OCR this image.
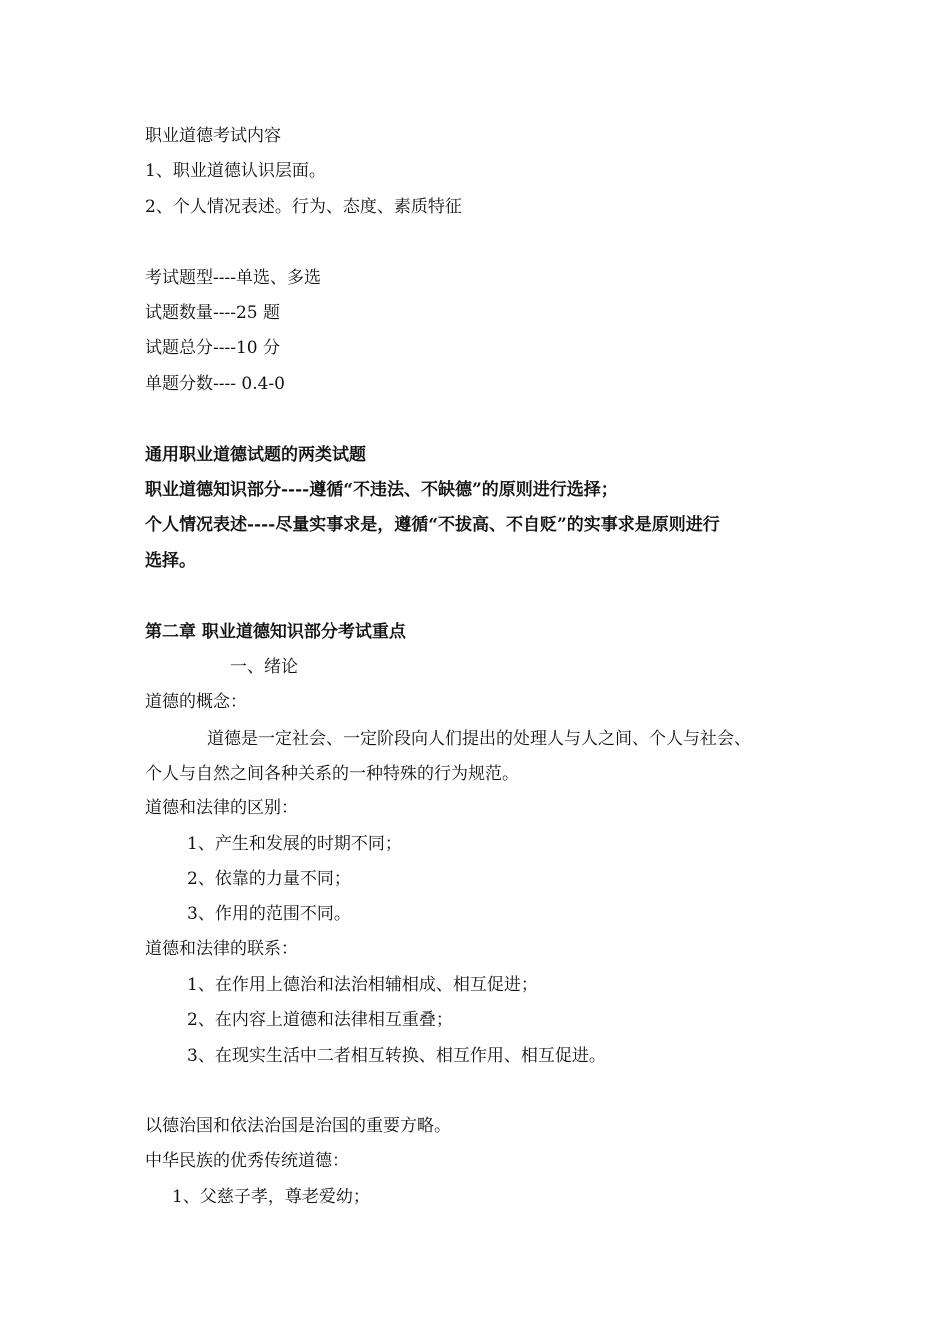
职业道德考试内容
1、职业道德认识层面。
2、个人情况表述。行为、态度、素质特征
考试题型----单选、多选
试题数量----25 题
试题总分----10 分
单题分数---- 0.4-0
通用职业道德试题的两类试题
职业道德知识部分----遵循“不违法、不缺德”的原则进行选择；
个人情况表述----尽量实事求是，遵循“不拔高、不自贬”的实事求是原则进行
选择。
第二章 职业道德知识部分考试重点
一、绪论
道德的概念：
道德是一定社会、一定阶段向人们提出的处理人与人之间、个人与社会、
个人与自然之间各种关系的一种特殊的行为规范。
道德和法律的区别：
1、产生和发展的时期不同；
2、依靠的力量不同；
3、作用的范围不同。
道德和法律的联系：
1、在作用上德治和法治相辅相成、相互促进；
2、在内容上道德和法律相互重叠；
3、在现实生活中二者相互转换、相互作用、相互促进。
以德治国和依法治国是治国的重要方略。
中华民族的优秀传统道德：
1、父慈子孝，尊老爱幼；
